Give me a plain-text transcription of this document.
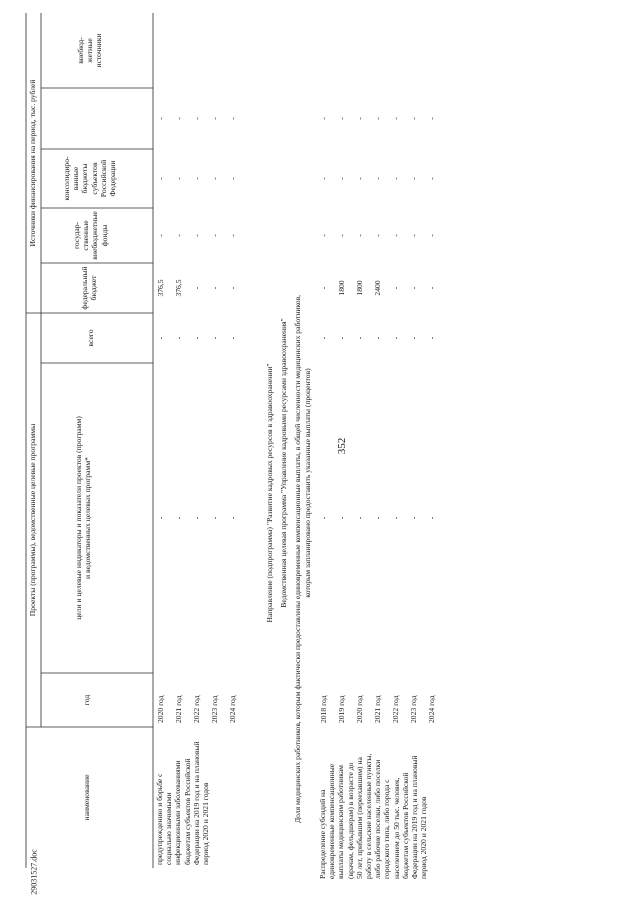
352
29031527.doc
Проекты (программы), ведомственные целевые программы
Источники финансирования на период, тыс. рублей
наименование
год
цели и целевые индикаторы и показатели проектов (программ) и ведомственных целевых программ*
всего
федеральный бюджет
государ- ственные внебюджетные фонды
консолидиро- ванные бюджеты субъектов Российской Федерации
внебюд- жетные источники
предупреждению и борьбе с социально значимыми инфекционными заболеваниями бюджетам субъектов Российской Федерации на 2019 год и на плановый период 2020 и 2021 годов
2020 год
-
-
376,5
-
-
-
2021 год
-
-
376,5
-
-
-
2022 год
-
-
-
-
-
-
2023 год
-
-
-
-
-
-
2024 год
-
-
-
-
-
-
Направление (подпрограмма) "Развитие кадровых ресурсов в здравоохранении" Ведомственная целевая программа "Управление кадровыми ресурсами здравоохранения" Доля медицинских работников, которым фактически предоставлены единовременные компенсационные выплаты, в общей численности медицинских работников, которым запланировано предоставить указанные выплаты (процентов)
Распределение субсидий на единовременные компенсационные выплаты медицинским работникам (врачам, фельдшерам) в возрасте до 50 лет, прибывшим (переехавшим) на работу в сельские населенные пункты, либо рабочие поселки, либо поселки городского типа, либо города с населением до 50 тыс. человек, бюджетам субъектов Российской Федерации на 2019 год и на плановый период 2020 и 2021 годов
2018 год
-
-
-
-
-
-
2019 год
-
-
1800
-
-
-
2020 год
-
-
1800
-
-
-
2021 год
-
-
2400
-
-
-
2022 год
-
-
-
-
-
-
2023 год
-
-
-
-
-
-
2024 год
-
-
-
-
-
-
